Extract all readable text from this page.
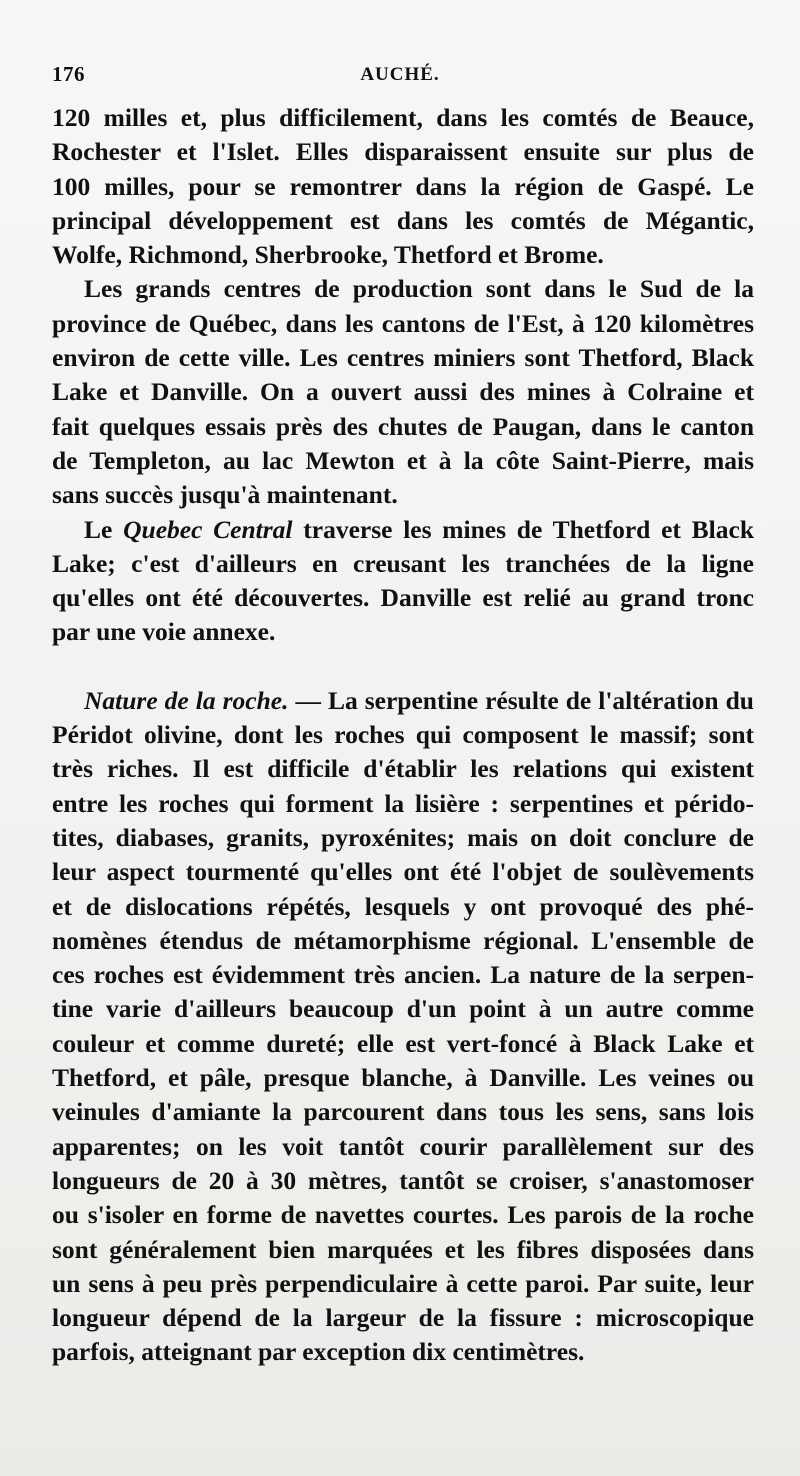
176	AUCHÉ.
120 milles et, plus difficilement, dans les comtés de Beauce,
Rochester et l'Islet. Elles disparaissent ensuite sur plus de
100 milles, pour se remontrer dans la région de Gaspé. Le
principal développement est dans les comtés de Mégantic,
Wolfe, Richmond, Sherbrooke, Thetford et Brome.
Les grands centres de production sont dans le Sud de la
province de Québec, dans les cantons de l'Est, à 120 kilomètres
environ de cette ville. Les centres miniers sont Thetford, Black
Lake et Danville. On a ouvert aussi des mines à Colraine et
fait quelques essais près des chutes de Paugan, dans le canton
de Templeton, au lac Mewton et à la côte Saint-Pierre, mais
sans succès jusqu'à maintenant.
Le Quebec Central traverse les mines de Thetford et Black
Lake; c'est d'ailleurs en creusant les tranchées de la ligne
qu'elles ont été découvertes. Danville est relié au grand tronc
par une voie annexe.
Nature de la roche. — La serpentine résulte de l'altération du
Péridot olivine, dont les roches qui composent le massif; sont
très riches. Il est difficile d'établir les relations qui existent
entre les roches qui forment la lisière : serpentines et pérido-
tites, diabases, granits, pyroxénites; mais on doit conclure de
leur aspect tourmenté qu'elles ont été l'objet de soulèvements
et de dislocations répétés, lesquels y ont provoqué des phé-
nomènes étendus de métamorphisme régional. L'ensemble de
ces roches est évidemment très ancien. La nature de la serpen-
tine varie d'ailleurs beaucoup d'un point à un autre comme
couleur et comme dureté; elle est vert-foncé à Black Lake et
Thetford, et pâle, presque blanche, à Danville. Les veines ou
veinules d'amiante la parcourent dans tous les sens, sans lois
apparentes; on les voit tantôt courir parallèlement sur des
longueurs de 20 à 30 mètres, tantôt se croiser, s'anastomoser
ou s'isoler en forme de navettes courtes. Les parois de la roche
sont généralement bien marquées et les fibres disposées dans
un sens à peu près perpendiculaire à cette paroi. Par suite, leur
longueur dépend de la largeur de la fissure : microscopique
parfois, atteignant par exception dix centimètres.
